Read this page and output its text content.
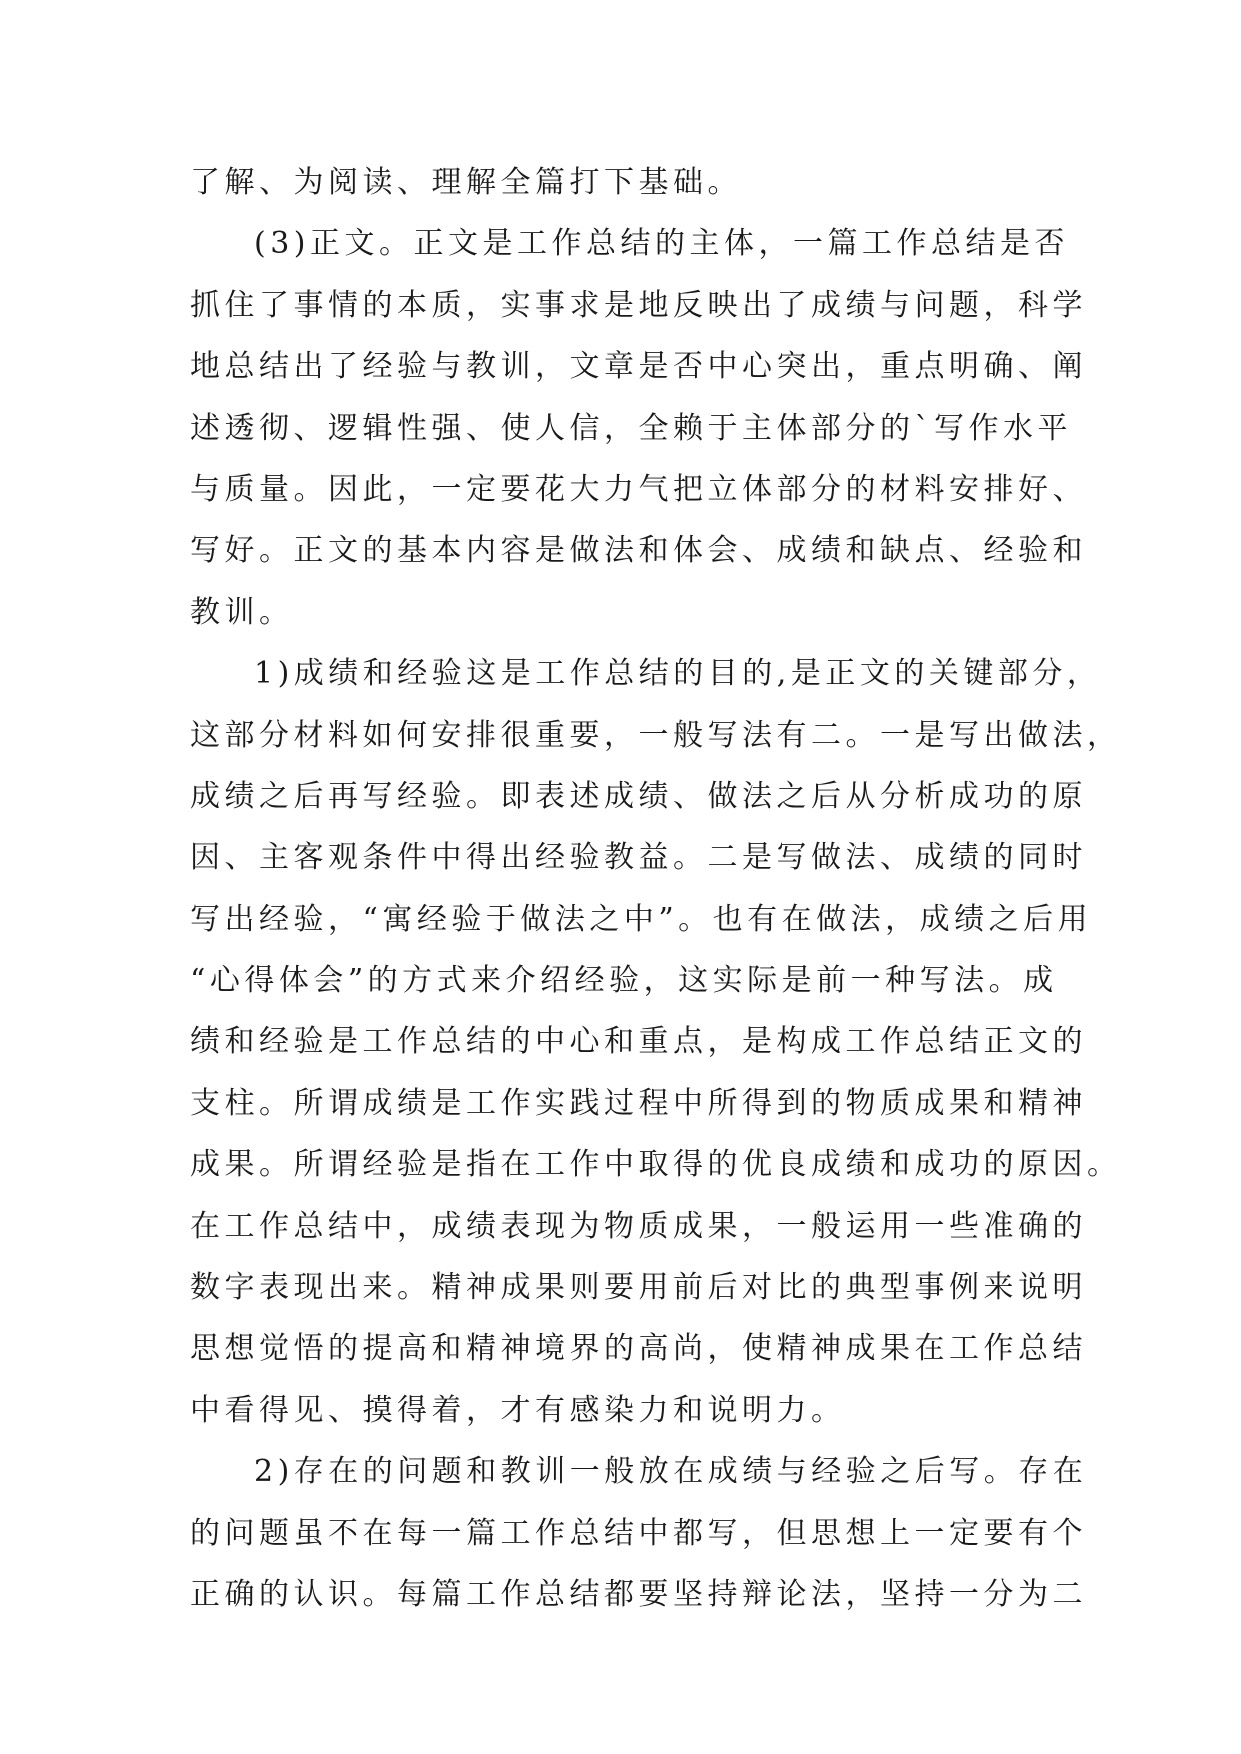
了解、为阅读、理解全篇打下基础。
(3)正文。正文是工作总结的主体，一篇工作总结是否
抓住了事情的本质，实事求是地反映出了成绩与问题，科学
地总结出了经验与教训，文章是否中心突出，重点明确、阐
述透彻、逻辑性强、使人信，全赖于主体部分的`写作水平
与质量。因此，一定要花大力气把立体部分的材料安排好、
写好。正文的基本内容是做法和体会、成绩和缺点、经验和
教训。
1)成绩和经验这是工作总结的目的,是正文的关键部分，
这部分材料如何安排很重要，一般写法有二。一是写出做法，
成绩之后再写经验。即表述成绩、做法之后从分析成功的原
因、主客观条件中得出经验教益。二是写做法、成绩的同时
写出经验，“寓经验于做法之中”。也有在做法，成绩之后用
“心得体会”的方式来介绍经验，这实际是前一种写法。成
绩和经验是工作总结的中心和重点，是构成工作总结正文的
支柱。所谓成绩是工作实践过程中所得到的物质成果和精神
成果。所谓经验是指在工作中取得的优良成绩和成功的原因。
在工作总结中，成绩表现为物质成果，一般运用一些准确的
数字表现出来。精神成果则要用前后对比的典型事例来说明
思想觉悟的提高和精神境界的高尚，使精神成果在工作总结
中看得见、摸得着，才有感染力和说明力。
2)存在的问题和教训一般放在成绩与经验之后写。存在
的问题虽不在每一篇工作总结中都写，但思想上一定要有个
正确的认识。每篇工作总结都要坚持辩论法，坚持一分为二
